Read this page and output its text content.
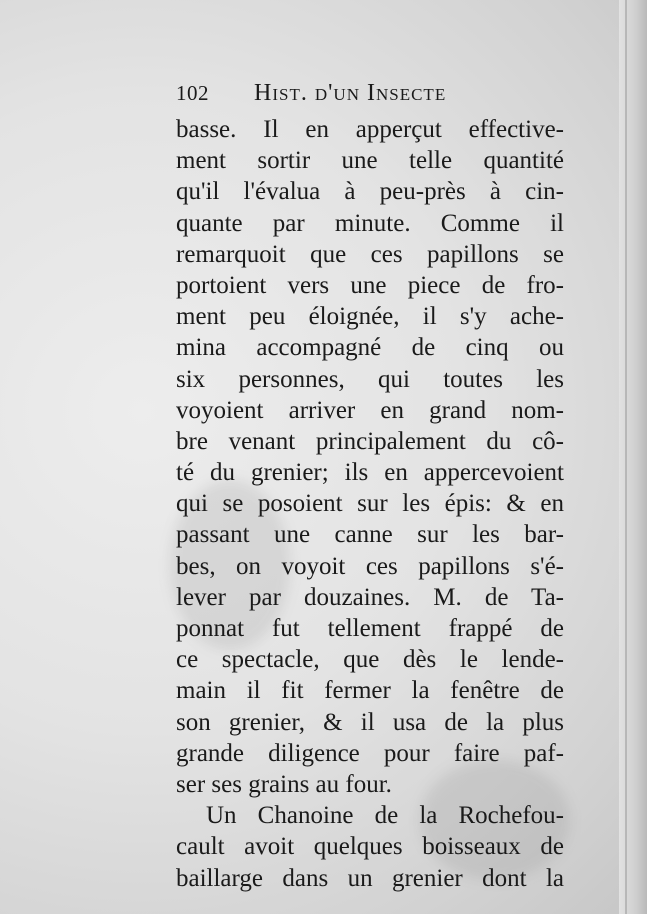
102	Hist. d'un Insecte
basse. Il en apperçut effective-
ment sortir une telle quantité
qu'il l'évalua à peu-près à cin-
quante par minute. Comme il
remarquoit que ces papillons se
portoient vers une piece de fro-
ment peu éloignée, il s'y ache-
mina accompagné de cinq ou
six personnes, qui toutes les
voyoient arriver en grand nom-
bre venant principalement du cô-
té du grenier; ils en appercevoient
qui se posoient sur les épis: & en
passant une canne sur les bar-
bes, on voyoit ces papillons s'é-
lever par douzaines. M. de Ta-
ponnat fut tellement frappé de
ce spectacle, que dès le lende-
main il fit fermer la fenêtre de
son grenier, & il usa de la plus
grande diligence pour faire paf-
ser ses grains au four.
Un Chanoine de la Rochefou-
cault avoit quelques boisseaux de
baillarge dans un grenier dont la
